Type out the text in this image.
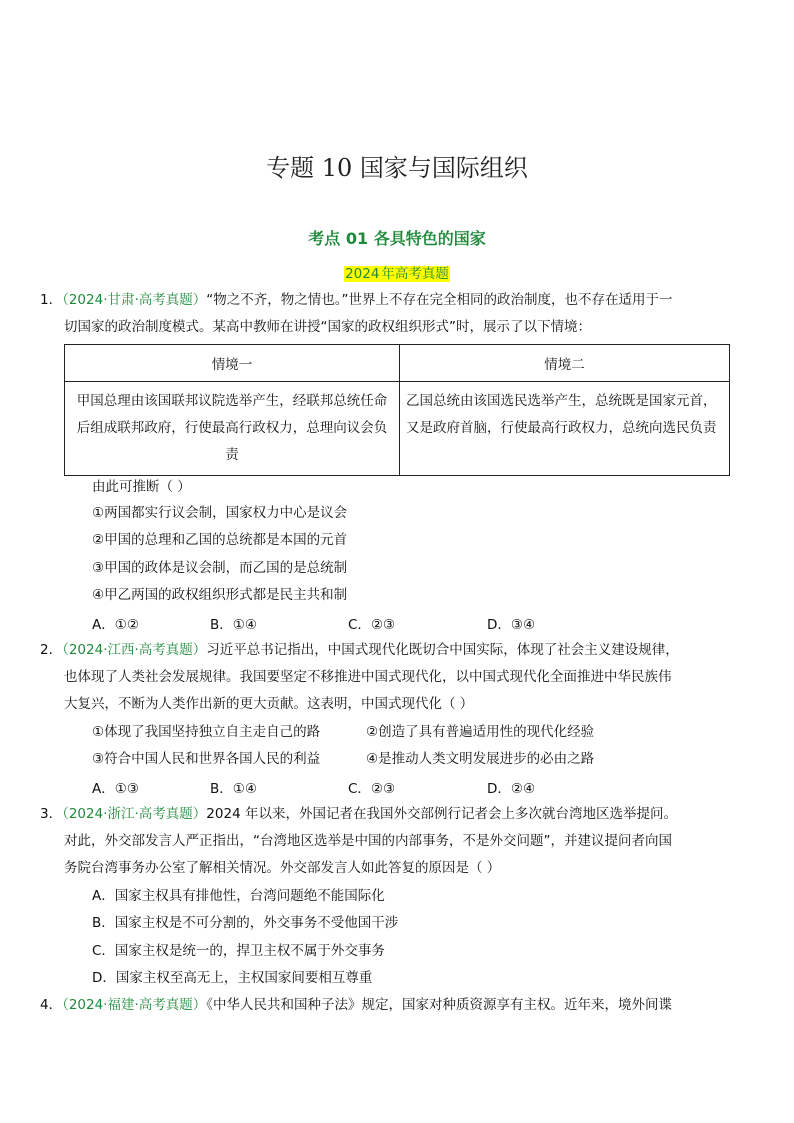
专题 10 国家与国际组织
考点 01 各具特色的国家
2024 年高考真题
1．（2024·甘肃·高考真题）“物之不齐，物之情也。”世界上不存在完全相同的政治制度，也不存在适用于一
切国家的政治制度模式。某高中教师在讲授“国家的政权组织形式”时，展示了以下情境：
情境一	情境二
甲国总理由该国联邦议院选举产生，经联邦总统任命后组成联邦政府，行使最高行政权力，总理向议会负责	乙国总统由该国选民选举产生，总统既是国家元首，又是政府首脑，行使最高行政权力，总统向选民负责
由此可推断（ ）
①两国都实行议会制，国家权力中心是议会
②甲国的总理和乙国的总统都是本国的元首
③甲国的政体是议会制，而乙国的是总统制
④甲乙两国的政权组织形式都是民主共和制
A．①②	B．①④	C．②③	D．③④
2．（2024·江西·高考真题）习近平总书记指出，中国式现代化既切合中国实际，体现了社会主义建设规律，
也体现了人类社会发展规律。我国要坚定不移推进中国式现代化，以中国式现代化全面推进中华民族伟
大复兴，不断为人类作出新的更大贡献。这表明，中国式现代化（ ）
①体现了我国坚持独立自主走自己的路	②创造了具有普遍适用性的现代化经验
③符合中国人民和世界各国人民的利益	④是推动人类文明发展进步的必由之路
A．①③	B．①④	C．②③	D．②④
3．（2024·浙江·高考真题）2024 年以来，外国记者在我国外交部例行记者会上多次就台湾地区选举提问。
对此，外交部发言人严正指出，“台湾地区选举是中国的内部事务，不是外交问题”，并建议提问者向国
务院台湾事务办公室了解相关情况。外交部发言人如此答复的原因是（ ）
A．国家主权具有排他性，台湾问题绝不能国际化
B．国家主权是不可分割的，外交事务不受他国干涉
C．国家主权是统一的，捍卫主权不属于外交事务
D．国家主权至高无上，主权国家间要相互尊重
4．（2024·福建·高考真题）《中华人民共和国种子法》规定，国家对种质资源享有主权。近年来，境外间谍
